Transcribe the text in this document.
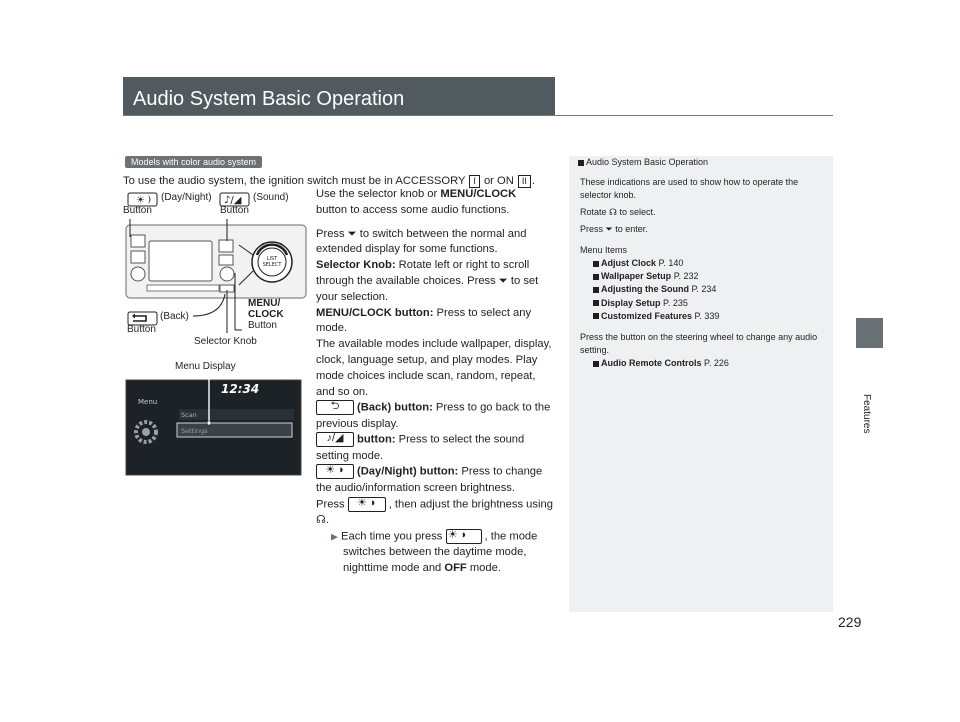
Audio System Basic Operation
Features
229
Models with color audio system
To use the audio system, the ignition switch must be in ACCESSORY I or ON II .
☀	♪/◢
LIST
SELECT
12:34
Menu
Scan
Settings
(Day/Night)
Button
(Sound)
Button
(Back)
Button
MENU/
CLOCK
Button
Selector Knob
Menu Display

Use the selector knob or MENU/CLOCK
button to access some audio functions.

Press ⏷ to switch between the normal and extended display for some functions.

Selector Knob: Rotate left or right to scroll through the available choices. Press ⏷ to set your selection.

MENU/CLOCK button: Press to select any mode.

The available modes include wallpaper, display, clock, language setup, and play modes. Play mode choices include scan, random, repeat, and so on.

⮌	(Back) button: Press to go back to the previous display.

♪/◢	button: Press to select the sound setting mode.

☀ ◗	(Day/Night) button: Press to change the audio/information screen brightness.

Press ☀ ◗	, then adjust the brightness using
☊.

▶ Each time you press ☀ ◗	, the mode switches between the daytime mode, nighttime mode and OFF mode.

Audio System Basic Operation

These indications are used to show how to operate the selector knob.

Rotate ☊ to select.

Press ⏷ to enter.

Menu Items

Adjust Clock P. 140

Wallpaper Setup P. 232

Adjusting the Sound P. 234

Display Setup P. 235

Customized Features P. 339

Press the button on the steering wheel to change any audio setting.

Audio Remote Controls P. 226
